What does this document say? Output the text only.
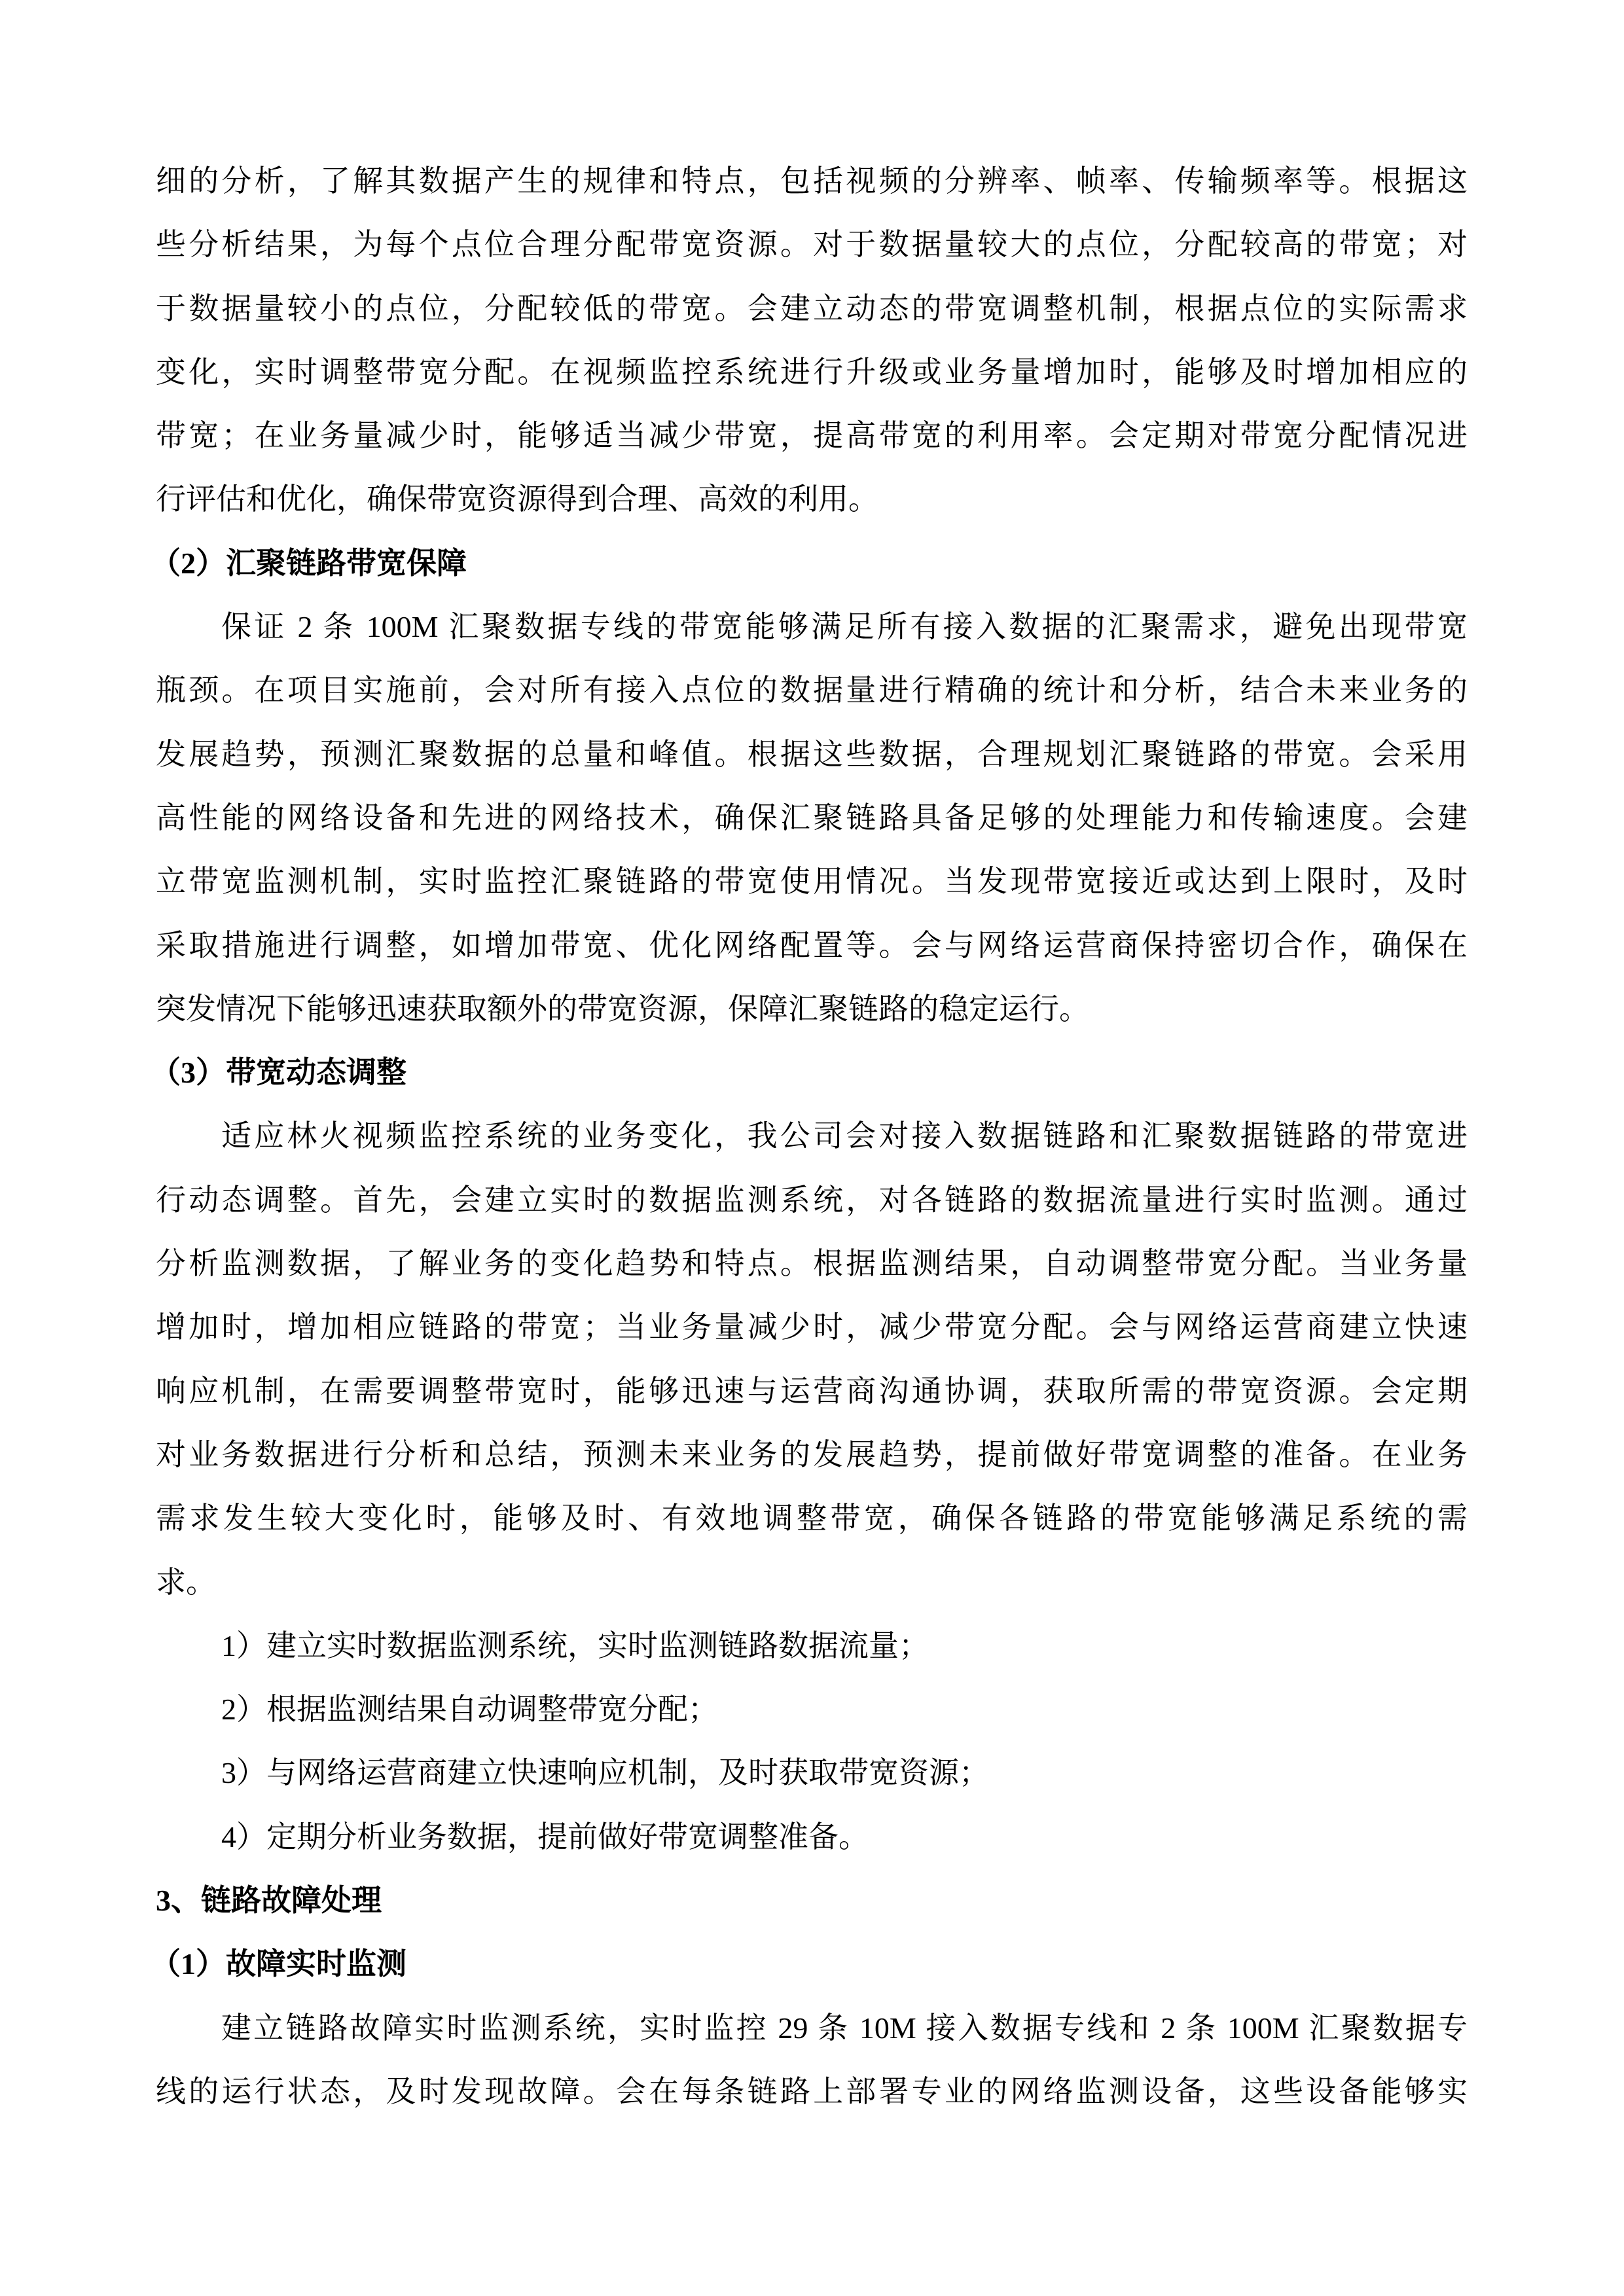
细的分析，了解其数据产生的规律和特点，包括视频的分辨率、帧率、传输频率等。根据这
些分析结果，为每个点位合理分配带宽资源。对于数据量较大的点位，分配较高的带宽；对
于数据量较小的点位，分配较低的带宽。会建立动态的带宽调整机制，根据点位的实际需求
变化，实时调整带宽分配。在视频监控系统进行升级或业务量增加时，能够及时增加相应的
带宽；在业务量减少时，能够适当减少带宽，提高带宽的利用率。会定期对带宽分配情况进
行评估和优化，确保带宽资源得到合理、高效的利用。
（2）汇聚链路带宽保障
保证 2 条 100M 汇聚数据专线的带宽能够满足所有接入数据的汇聚需求，避免出现带宽
瓶颈。在项目实施前，会对所有接入点位的数据量进行精确的统计和分析，结合未来业务的
发展趋势，预测汇聚数据的总量和峰值。根据这些数据，合理规划汇聚链路的带宽。会采用
高性能的网络设备和先进的网络技术，确保汇聚链路具备足够的处理能力和传输速度。会建
立带宽监测机制，实时监控汇聚链路的带宽使用情况。当发现带宽接近或达到上限时，及时
采取措施进行调整，如增加带宽、优化网络配置等。会与网络运营商保持密切合作，确保在
突发情况下能够迅速获取额外的带宽资源，保障汇聚链路的稳定运行。
（3）带宽动态调整
适应林火视频监控系统的业务变化，我公司会对接入数据链路和汇聚数据链路的带宽进
行动态调整。首先，会建立实时的数据监测系统，对各链路的数据流量进行实时监测。通过
分析监测数据，了解业务的变化趋势和特点。根据监测结果，自动调整带宽分配。当业务量
增加时，增加相应链路的带宽；当业务量减少时，减少带宽分配。会与网络运营商建立快速
响应机制，在需要调整带宽时，能够迅速与运营商沟通协调，获取所需的带宽资源。会定期
对业务数据进行分析和总结，预测未来业务的发展趋势，提前做好带宽调整的准备。在业务
需求发生较大变化时，能够及时、有效地调整带宽，确保各链路的带宽能够满足系统的需
求。
1）建立实时数据监测系统，实时监测链路数据流量；
2）根据监测结果自动调整带宽分配；
3）与网络运营商建立快速响应机制，及时获取带宽资源；
4）定期分析业务数据，提前做好带宽调整准备。
3、链路故障处理
（1）故障实时监测
建立链路故障实时监测系统，实时监控 29 条 10M 接入数据专线和 2 条 100M 汇聚数据专
线的运行状态，及时发现故障。会在每条链路上部署专业的网络监测设备，这些设备能够实
